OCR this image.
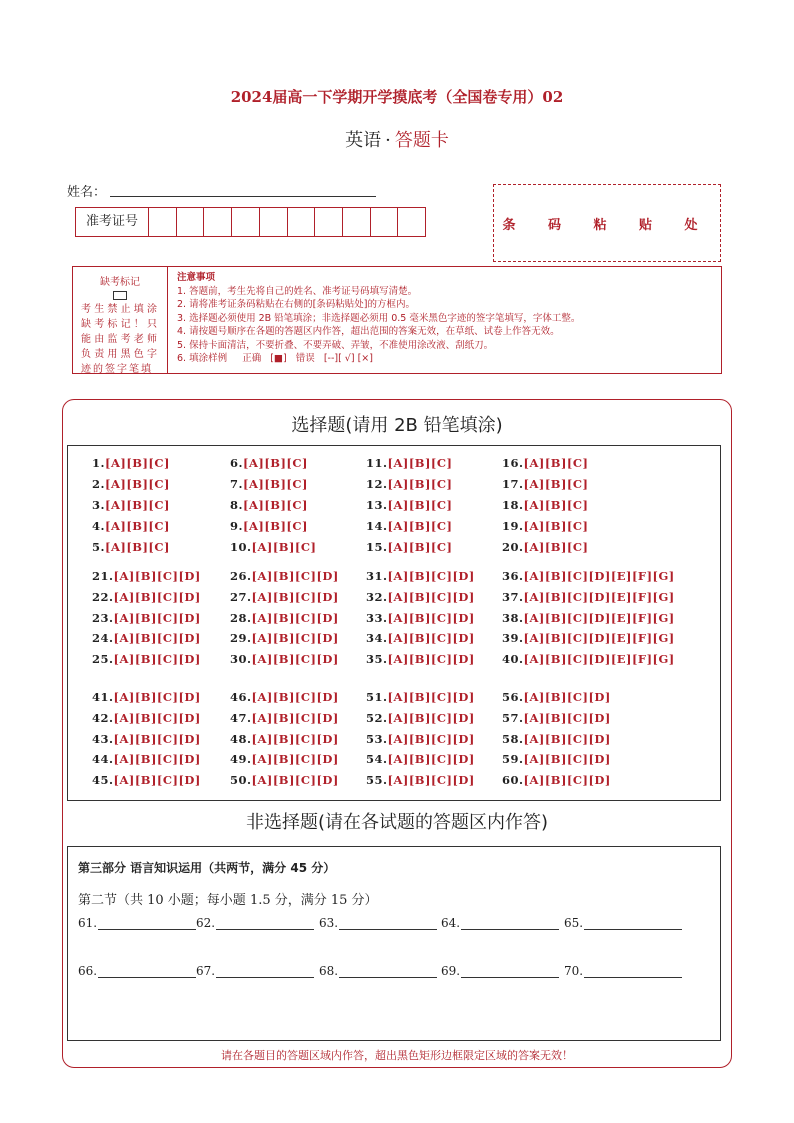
2024届高一下学期开学摸底考（全国卷专用）02
英语 · 答题卡
姓名：
准考证号	条 码 粘 贴 处
缺考标记
考生禁止填涂缺考标记！只能由监考老师负责用黑色字迹的签字笔填
注意事项
1. 答题前，考生先将自己的姓名、准考证号码填写清楚。
2. 请将准考证条码粘贴在右侧的[条码粘贴处]的方框内。
3. 选择题必须使用 2B 铅笔填涂；非选择题必须用 0.5 毫米黑色字迹的签字笔填写，字体工整。
4. 请按题号顺序在各题的答题区内作答，超出范围的答案无效，在草纸、试卷上作答无效。
5. 保持卡面清洁，不要折叠、不要弄破、弄皱，不准使用涂改液、刮纸刀。
6. 填涂样例 正确 [■] 错误 [--][ √] [×]
选择题(请用 2B 铅笔填涂)
1.[A][B][C]
2.[A][B][C]
3.[A][B][C]
4.[A][B][C]
5.[A][B][C]
6.[A][B][C]
7.[A][B][C]
8.[A][B][C]
9.[A][B][C]
10.[A][B][C]
11.[A][B][C]
12.[A][B][C]
13.[A][B][C]
14.[A][B][C]
15.[A][B][C]
16.[A][B][C]
17.[A][B][C]
18.[A][B][C]
19.[A][B][C]
20.[A][B][C]
21.[A][B][C][D]
22.[A][B][C][D]
23.[A][B][C][D]
24.[A][B][C][D]
25.[A][B][C][D]
26.[A][B][C][D]
27.[A][B][C][D]
28.[A][B][C][D]
29.[A][B][C][D]
30.[A][B][C][D]
31.[A][B][C][D]
32.[A][B][C][D]
33.[A][B][C][D]
34.[A][B][C][D]
35.[A][B][C][D]
36.[A][B][C][D][E][F][G]
37.[A][B][C][D][E][F][G]
38.[A][B][C][D][E][F][G]
39.[A][B][C][D][E][F][G]
40.[A][B][C][D][E][F][G]
41.[A][B][C][D]
42.[A][B][C][D]
43.[A][B][C][D]
44.[A][B][C][D]
45.[A][B][C][D]
46.[A][B][C][D]
47.[A][B][C][D]
48.[A][B][C][D]
49.[A][B][C][D]
50.[A][B][C][D]
51.[A][B][C][D]
52.[A][B][C][D]
53.[A][B][C][D]
54.[A][B][C][D]
55.[A][B][C][D]
56.[A][B][C][D]
57.[A][B][C][D]
58.[A][B][C][D]
59.[A][B][C][D]
60.[A][B][C][D]
非选择题(请在各试题的答题区内作答)
第三部分 语言知识运用（共两节，满分 45 分）
第二节（共 10 小题；每小题 1.5 分，满分 15 分）
61.	62.	63.	64.	65.
66.	67.	68.	69.	70.
请在各题目的答题区域内作答，超出黑色矩形边框限定区域的答案无效！
